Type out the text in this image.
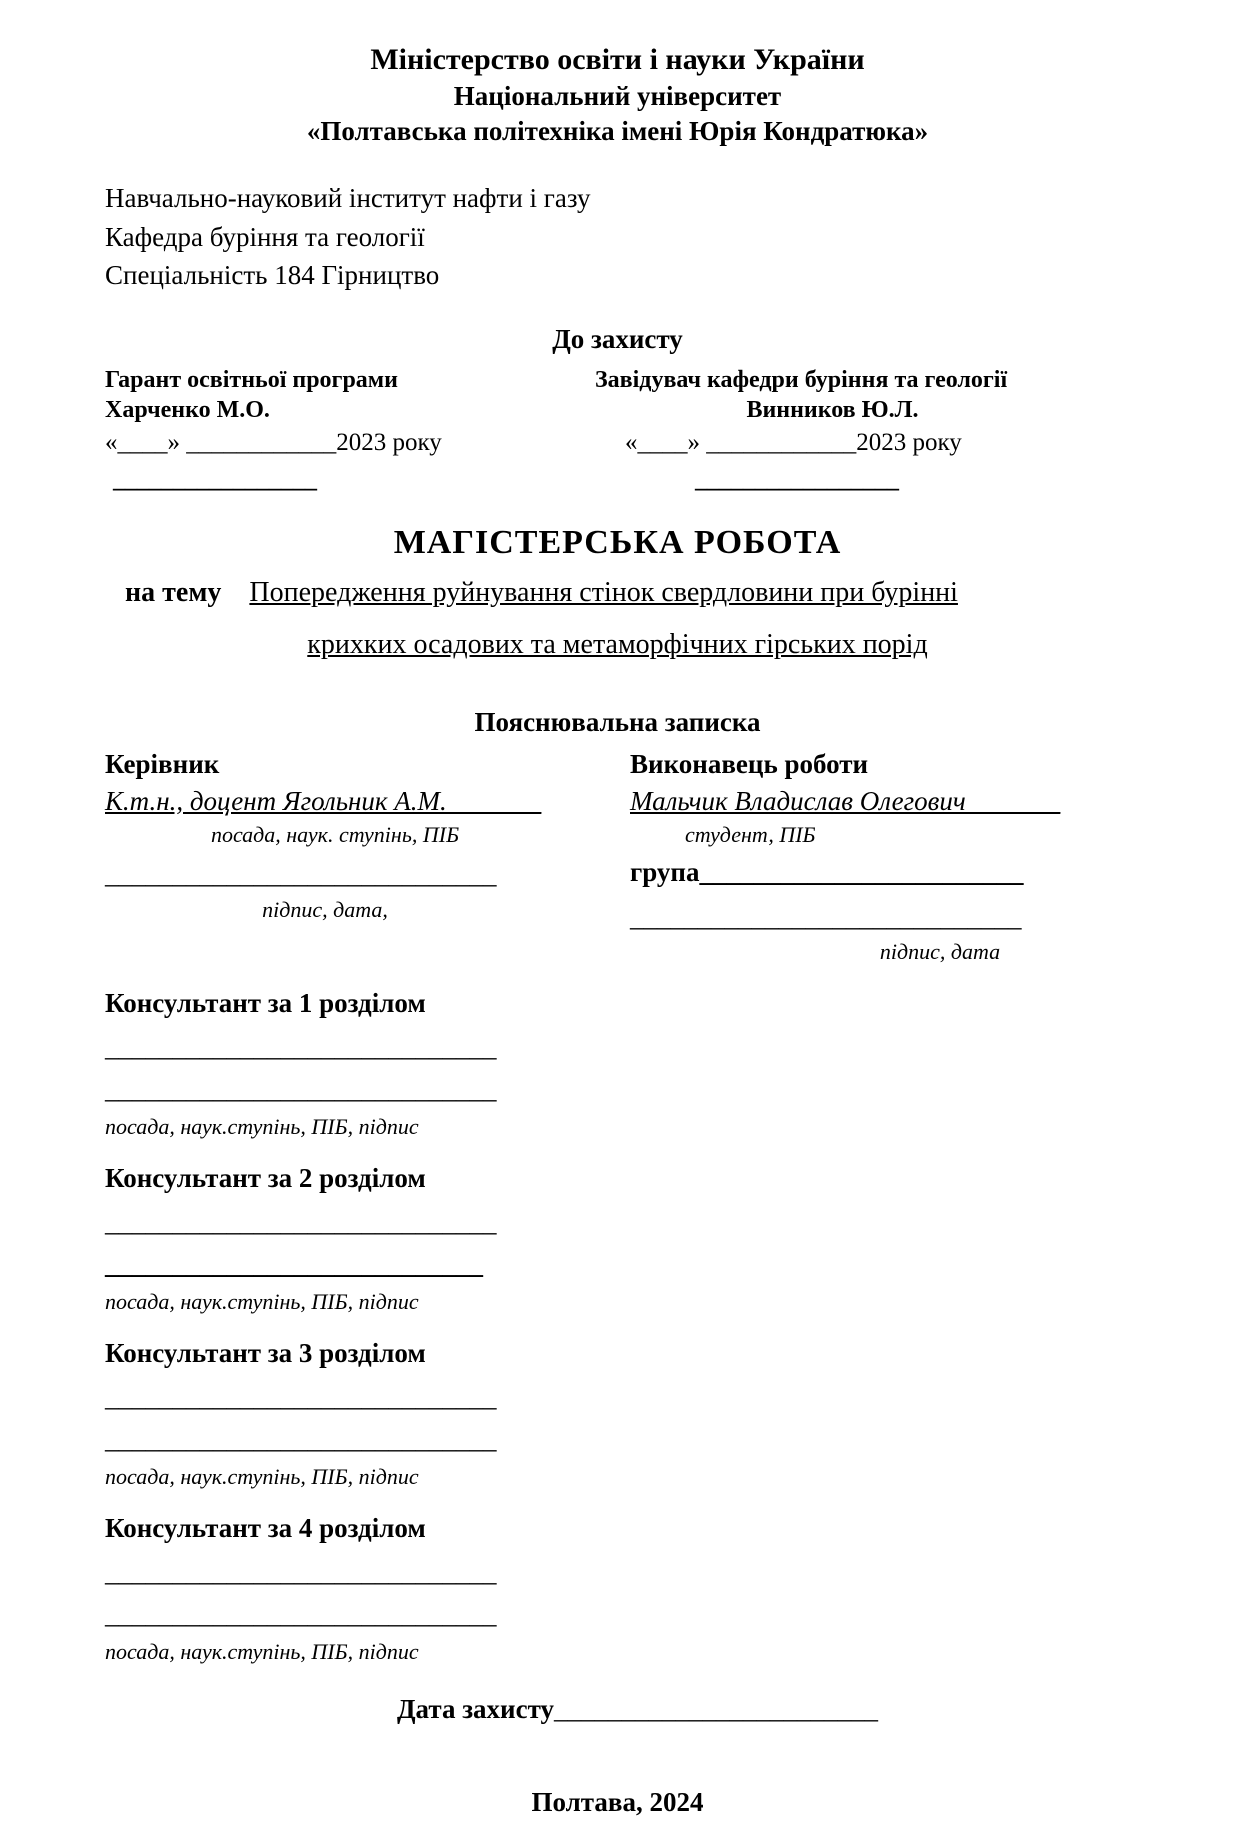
Міністерство освіти і науки України
Національний університет
«Полтавська політехніка імені Юрія Кондратюка»
Навчально-науковий інститут нафти і газу
Кафедра буріння та геології
Спеціальність 184 Гірництво
До захисту
Гарант освітньої програми
Харченко М.О.
«____» ____________2023 року
_________________
Завідувач кафедри буріння та геології
Винников Ю.Л.
«____» ____________2023 року
_________________
МАГІСТЕРСЬКА РОБОТА
на тему Попередження руйнування стінок свердловини при бурінні
крихких осадових та метаморфічних гірських порід
Пояснювальна записка
Керівник
К.т.н., доцент Ягольник А.М._______
посада, наук. ступінь, ПІБ
_____________________________
підпис, дата,
Виконавець роботи
Мальчик Владислав Олегович_______
студент, ПІБ
група________________________
_____________________________
підпис, дата
Консультант за 1 розділом
_____________________________
_____________________________
посада, наук.ступінь, ПІБ, підпис
Консультант за 2 розділом
_____________________________
____________________________
посада, наук.ступінь, ПІБ, підпис
Консультант за 3 розділом
_____________________________
_____________________________
посада, наук.ступінь, ПІБ, підпис
Консультант за 4 розділом
_____________________________
_____________________________
посада, наук.ступінь, ПІБ, підпис
Дата захисту________________________
Полтава, 2024
